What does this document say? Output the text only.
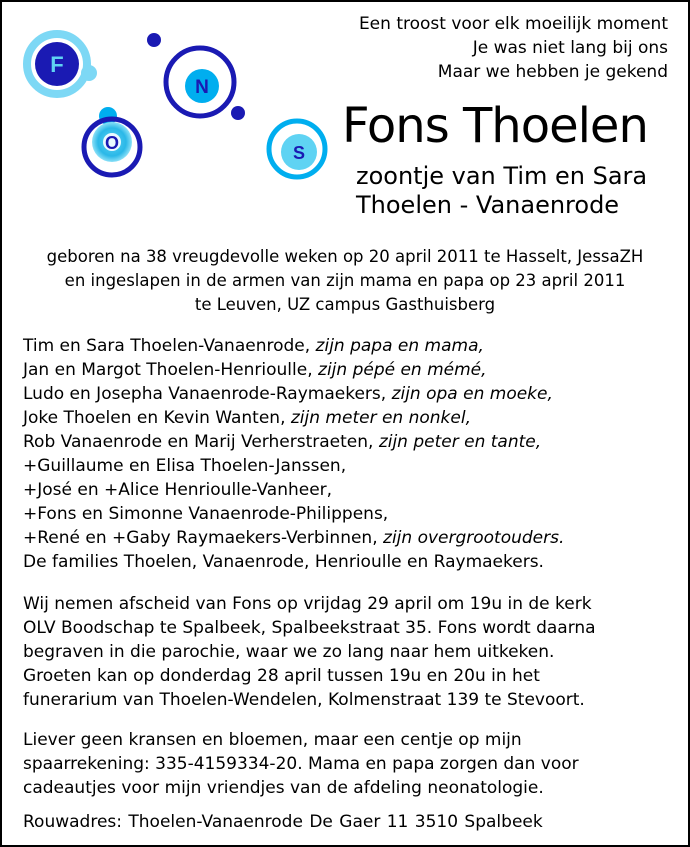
F
N
O	S
Een troost voor elk moeilijk moment
Je was niet lang bij ons
Maar we hebben je gekend
Fons Thoelen
zoontje van Tim en Sara
Thoelen - Vanaenrode
geboren na 38 vreugdevolle weken op 20 april 2011 te Hasselt, JessaZH
en ingeslapen in de armen van zijn mama en papa op 23 april 2011
te Leuven, UZ campus Gasthuisberg
Tim en Sara Thoelen-Vanaenrode, zijn papa en mama,
Jan en Margot Thoelen-Henrioulle, zijn pépé en mémé,
Ludo en Josepha Vanaenrode-Raymaekers, zijn opa en moeke,
Joke Thoelen en Kevin Wanten, zijn meter en nonkel,
Rob Vanaenrode en Marij Verherstraeten, zijn peter en tante,
+Guillaume en Elisa Thoelen-Janssen,
+José en +Alice Henrioulle-Vanheer,
+Fons en Simonne Vanaenrode-Philippens,
+René en +Gaby Raymaekers-Verbinnen, zijn overgrootouders.
De families Thoelen, Vanaenrode, Henrioulle en Raymaekers.
Wij nemen afscheid van Fons op vrijdag 29 april om 19u in de kerk
OLV Boodschap te Spalbeek, Spalbeekstraat 35. Fons wordt daarna
begraven in die parochie, waar we zo lang naar hem uitkeken.
Groeten kan op donderdag 28 april tussen 19u en 20u in het
funerarium van Thoelen-Wendelen, Kolmenstraat 139 te Stevoort.
Liever geen kransen en bloemen, maar een centje op mijn
spaarrekening: 335-4159334-20. Mama en papa zorgen dan voor
cadeautjes voor mijn vriendjes van de afdeling neonatologie.
Rouwadres: Thoelen-Vanaenrode De Gaer 11 3510 Spalbeek
